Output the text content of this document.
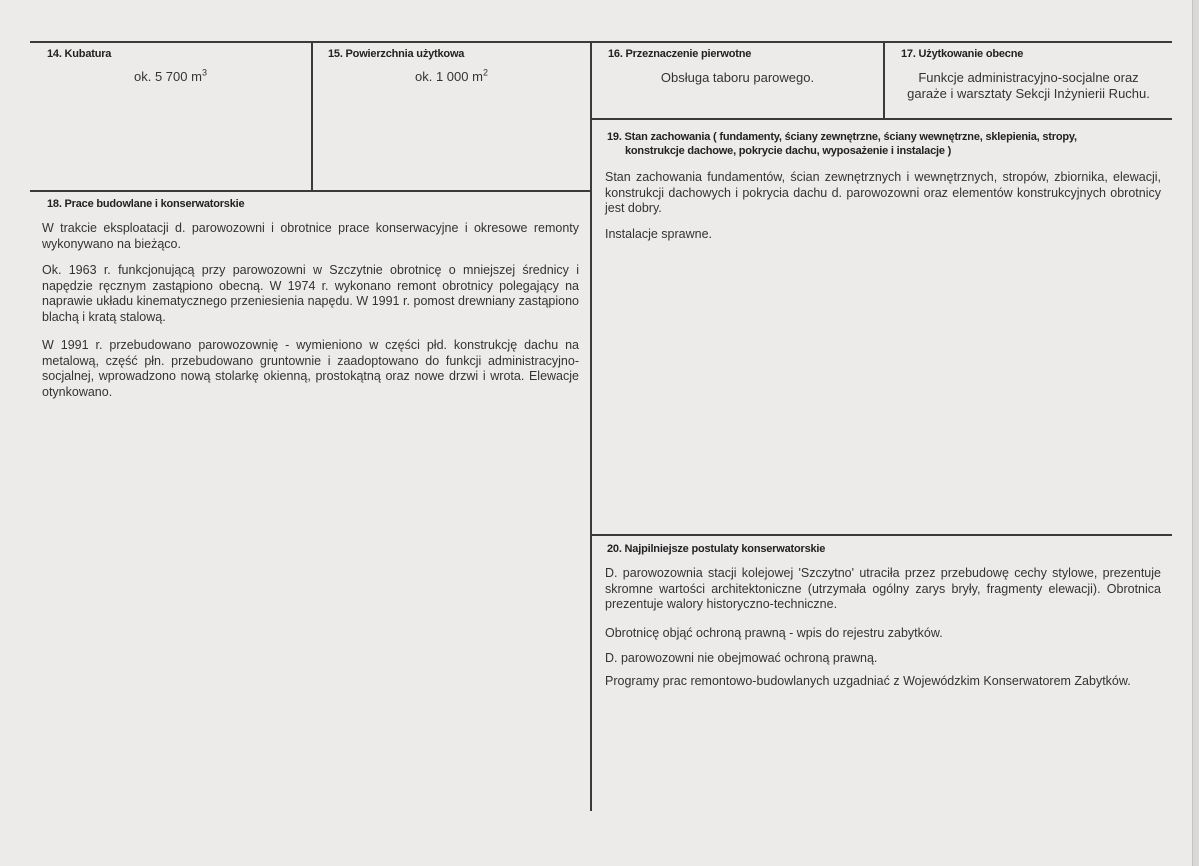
14. Kubatura
ok. 5 700 $m^3$
15. Powierzchnia użytkowa
ok. 1 000 $m^2$
16. Przeznaczenie pierwotne
Obsługa taboru parowego.
17. Użytkowanie obecne
Funkcje administracyjno-socjalne oraz
garaże i warsztaty Sekcji Inżynierii Ruchu.
19. Stan zachowania ( fundamenty, ściany zewnętrzne, ściany wewnętrzne, sklepienia, stropy,
konstrukcje dachowe, pokrycie dachu, wyposażenie i instalacje )
Stan zachowania fundamentów, ścian zewnętrznych i wewnętrznych, stropów, zbiornika, elewacji, konstrukcji dachowych i pokrycia dachu d. parowozowni oraz elementów konstrukcyjnych obrotnicy jest dobry.
Instalacje sprawne.
18. Prace budowlane i konserwatorskie
W trakcie eksploatacji d. parowozowni i obrotnice prace konserwacyjne i okresowe remonty wykonywano na bieżąco.
Ok. 1963 r. funkcjonującą przy parowozowni w Szczytnie obrotnicę o mniejszej średnicy i napędzie ręcznym zastąpiono obecną. W 1974 r. wykonano remont obrotnicy polegający na naprawie układu kinematycznego przeniesienia napędu. W 1991 r. pomost drewniany zastąpiono blachą i kratą stalową.
W 1991 r. przebudowano parowozownię - wymieniono w części płd. konstrukcję dachu na metalową, część płn. przebudowano gruntownie i zaadoptowano do funkcji administracyjno-socjalnej, wprowadzono nową stolarkę okienną, prostokątną oraz nowe drzwi i wrota. Elewacje otynkowano.
20. Najpilniejsze postulaty konserwatorskie
D. parowozownia stacji kolejowej 'Szczytno' utraciła przez przebudowę cechy stylowe, prezentuje skromne wartości architektoniczne (utrzymała ogólny zarys bryły, fragmenty elewacji). Obrotnica prezentuje walory historyczno-techniczne.
Obrotnicę objąć ochroną prawną - wpis do rejestru zabytków.
D. parowozowni nie obejmować ochroną prawną.
Programy prac remontowo-budowlanych uzgadniać z Wojewódzkim Konserwatorem Zabytków.
